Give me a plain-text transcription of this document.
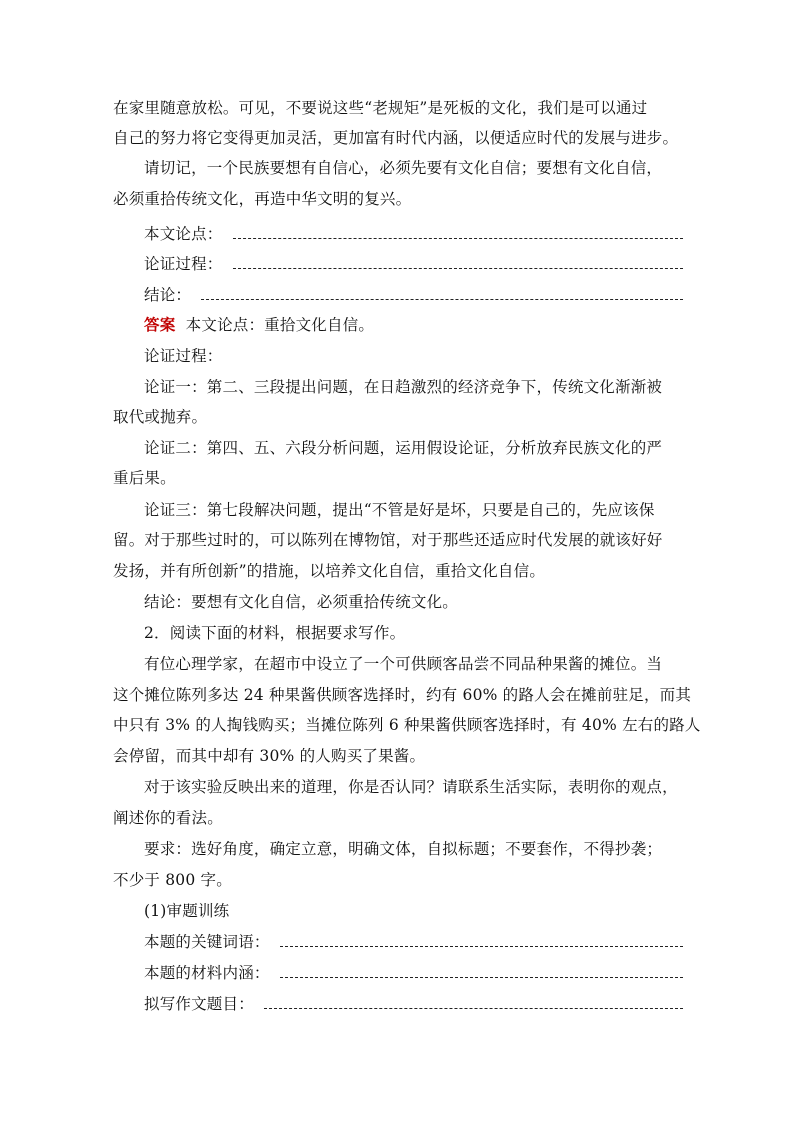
在家里随意放松。可见，不要说这些“老规矩”是死板的文化，我们是可以通过
自己的努力将它变得更加灵活，更加富有时代内涵，以便适应时代的发展与进步。
请切记，一个民族要想有自信心，必须先要有文化自信；要想有文化自信，
必须重拾传统文化，再造中华文明的复兴。
本文论点：
论证过程：
结论：
答案 本文论点：重拾文化自信。
论证过程：
论证一：第二、三段提出问题，在日趋激烈的经济竞争下，传统文化渐渐被
取代或抛弃。
论证二：第四、五、六段分析问题，运用假设论证，分析放弃民族文化的严
重后果。
论证三：第七段解决问题，提出“不管是好是坏，只要是自己的，先应该保
留。对于那些过时的，可以陈列在博物馆，对于那些还适应时代发展的就该好好
发扬，并有所创新”的措施，以培养文化自信，重拾文化自信。
结论：要想有文化自信，必须重拾传统文化。
2．阅读下面的材料，根据要求写作。
有位心理学家，在超市中设立了一个可供顾客品尝不同品种果酱的摊位。当
这个摊位陈列多达 24 种果酱供顾客选择时，约有 60% 的路人会在摊前驻足，而其
中只有 3% 的人掏钱购买；当摊位陈列 6 种果酱供顾客选择时，有 40% 左右的路人
会停留，而其中却有 30% 的人购买了果酱。
对于该实验反映出来的道理，你是否认同？请联系生活实际，表明你的观点，
阐述你的看法。
要求：选好角度，确定立意，明确文体，自拟标题；不要套作，不得抄袭；
不少于 800 字。
(1)审题训练
本题的关键词语：
本题的材料内涵：
拟写作文题目：
